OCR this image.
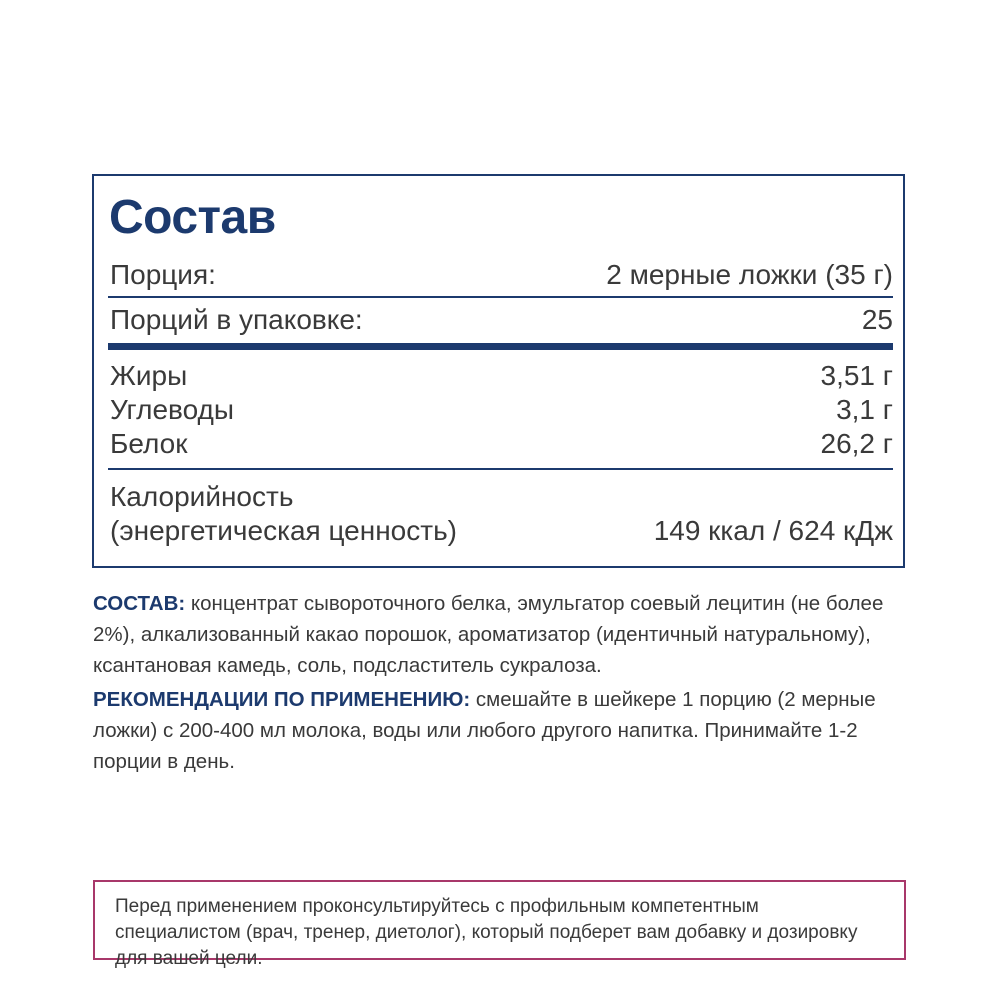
Состав
Порция:	2 мерные ложки (35 г)
Порций в упаковке:	25
Жиры	3,51 г
Углеводы	3,1 г
Белок	26,2 г
Калорийность
(энергетическая ценность)	149 ккал / 624 кДж
СОСТАВ: концентрат сывороточного белка, эмульгатор соевый лецитин (не более 2%), алкализованный какао порошок, ароматизатор (идентичный натуральному), ксантановая камедь, соль, подсластитель сукралоза.
РЕКОМЕНДАЦИИ ПО ПРИМЕНЕНИЮ: смешайте в шейкере 1 порцию (2 мерные ложки) с 200-400 мл молока, воды или любого другого напитка. Принимайте 1-2 порции в день.
Перед применением проконсультируйтесь с профильным компетентным специалистом (врач, тренер, диетолог), который подберет вам добавку и дозировку для вашей цели.
